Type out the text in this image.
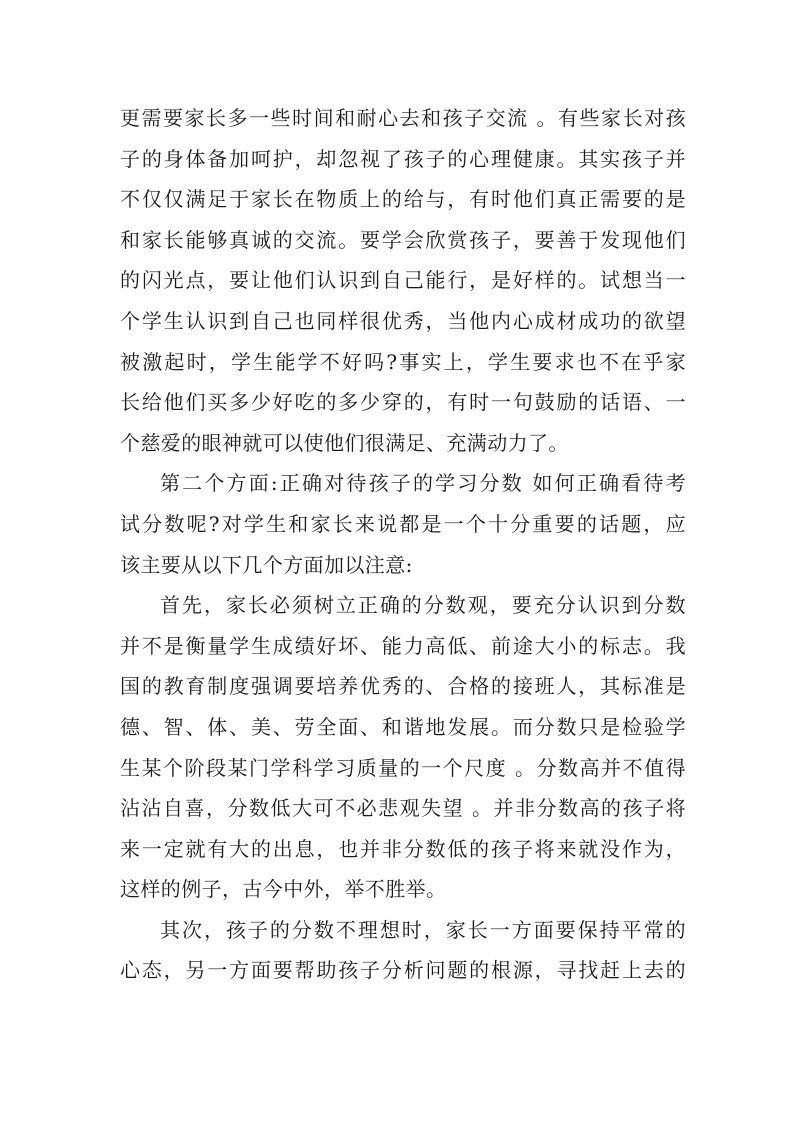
更需要家长多一些时间和耐心去和孩子交流 。有些家长对孩
子的身体备加呵护，却忽视了孩子的心理健康。其实孩子并
不仅仅满足于家长在物质上的给与，有时他们真正需要的是
和家长能够真诚的交流。要学会欣赏孩子，要善于发现他们
的闪光点，要让他们认识到自己能行，是好样的。试想当一
个学生认识到自己也同样很优秀，当他内心成材成功的欲望
被激起时，学生能学不好吗?事实上，学生要求也不在乎家
长给他们买多少好吃的多少穿的，有时一句鼓励的话语、一
个慈爱的眼神就可以使他们很满足、充满动力了。
第二个方面:正确对待孩子的学习分数 如何正确看待考
试分数呢?对学生和家长来说都是一个十分重要的话题，应
该主要从以下几个方面加以注意:
首先，家长必须树立正确的分数观，要充分认识到分数
并不是衡量学生成绩好坏、能力高低、前途大小的标志。我
国的教育制度强调要培养优秀的、合格的接班人，其标准是
德、智、体、美、劳全面、和谐地发展。而分数只是检验学
生某个阶段某门学科学习质量的一个尺度 。分数高并不值得
沾沾自喜，分数低大可不必悲观失望 。并非分数高的孩子将
来一定就有大的出息，也并非分数低的孩子将来就没作为，
这样的例子，古今中外，举不胜举。
其次，孩子的分数不理想时，家长一方面要保持平常的
心态，另一方面要帮助孩子分析问题的根源，寻找赶上去的
